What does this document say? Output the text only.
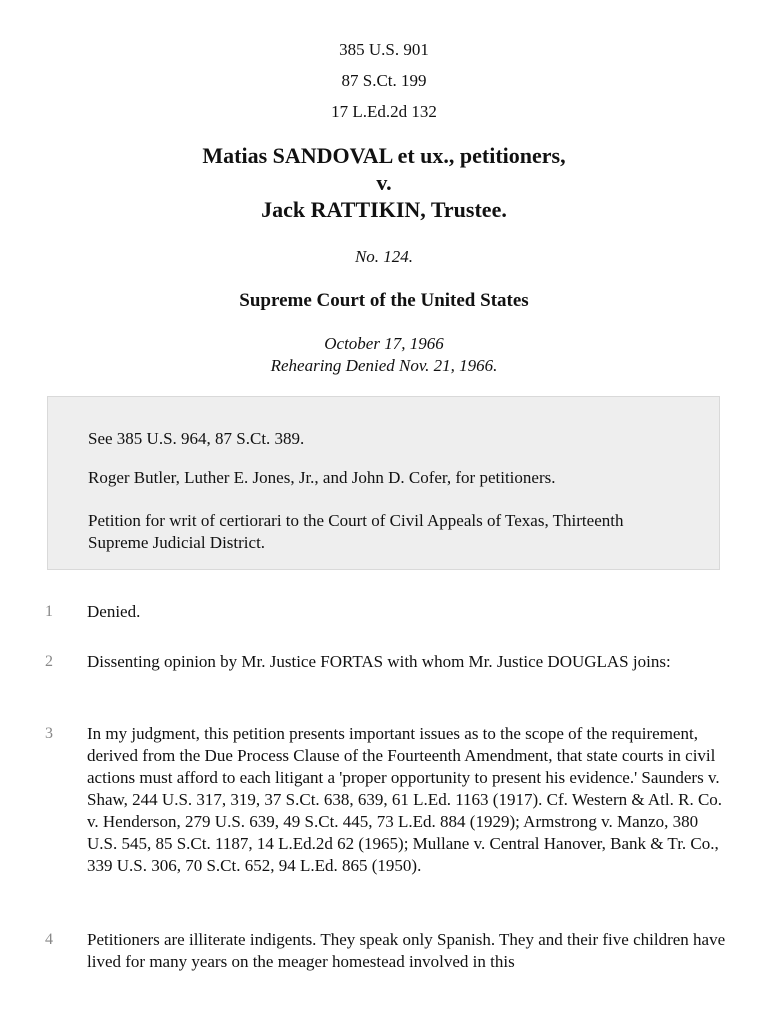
385 U.S. 901
87 S.Ct. 199
17 L.Ed.2d 132
Matias SANDOVAL et ux., petitioners,
v.
Jack RATTIKIN, Trustee.
No. 124.
Supreme Court of the United States
October 17, 1966
Rehearing Denied Nov. 21, 1966.

See 385 U.S. 964, 87 S.Ct. 389.

Roger Butler, Luther E. Jones, Jr., and John D. Cofer, for petitioners.

Petition for writ of certiorari to the Court of Civil Appeals of Texas, Thirteenth Supreme Judicial District.

1 Denied.
2 Dissenting opinion by Mr. Justice FORTAS with whom Mr. Justice DOUGLAS joins:
3 In my judgment, this petition presents important issues as to the scope of the requirement, derived from the Due Process Clause of the Fourteenth Amendment, that state courts in civil actions must afford to each litigant a 'proper opportunity to present his evidence.' Saunders v. Shaw, 244 U.S. 317, 319, 37 S.Ct. 638, 639, 61 L.Ed. 1163 (1917). Cf. Western & Atl. R. Co. v. Henderson, 279 U.S. 639, 49 S.Ct. 445, 73 L.Ed. 884 (1929); Armstrong v. Manzo, 380 U.S. 545, 85 S.Ct. 1187, 14 L.Ed.2d 62 (1965); Mullane v. Central Hanover, Bank & Tr. Co., 339 U.S. 306, 70 S.Ct. 652, 94 L.Ed. 865 (1950).
4 Petitioners are illiterate indigents. They speak only Spanish. They and their five children have lived for many years on the meager homestead involved in this
